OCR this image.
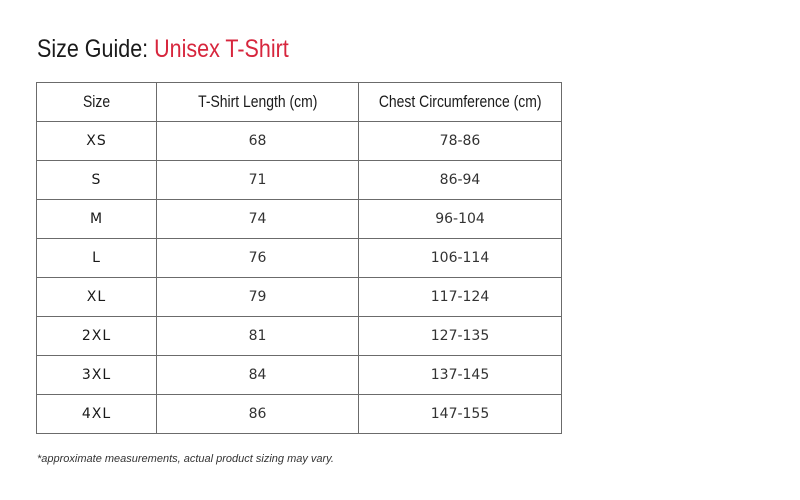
Size Guide: Unisex T-Shirt
Size	T-Shirt Length (cm)	Chest Circumference (cm)
XS	68	78-86
S	71	86-94
M	74	96-104
L	76	106-114
XL	79	117-124
2XL	81	127-135
3XL	84	137-145
4XL	86	147-155
*approximate measurements, actual product sizing may vary.
